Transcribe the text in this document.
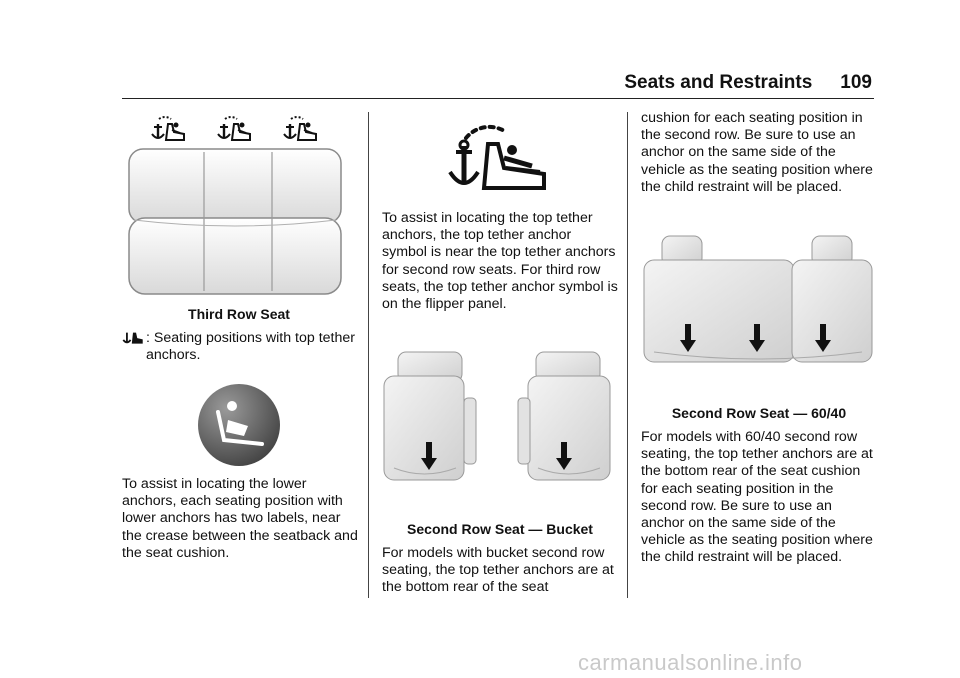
Seats and Restraints 109
Third Row Seat

: Seating positions with top tether anchors.

To assist in locating the lower anchors, each seating position with lower anchors has two labels, near the crease between the seatback and the seat cushion.

To assist in locating the top tether anchors, the top tether anchor symbol is near the top tether anchors for second row seats. For third row seats, the top tether anchor symbol is on the flipper panel.

Second Row Seat — Bucket

For models with bucket second row seating, the top tether anchors are at the bottom rear of the seat

cushion for each seating position in the second row. Be sure to use an anchor on the same side of the vehicle as the seating position where the child restraint will be placed.

Second Row Seat — 60/40

For models with 60/40 second row seating, the top tether anchors are at the bottom rear of the seat cushion for each seating position in the second row. Be sure to use an anchor on the same side of the vehicle as the seating position where the child restraint will be placed.

carmanualsonline.info
